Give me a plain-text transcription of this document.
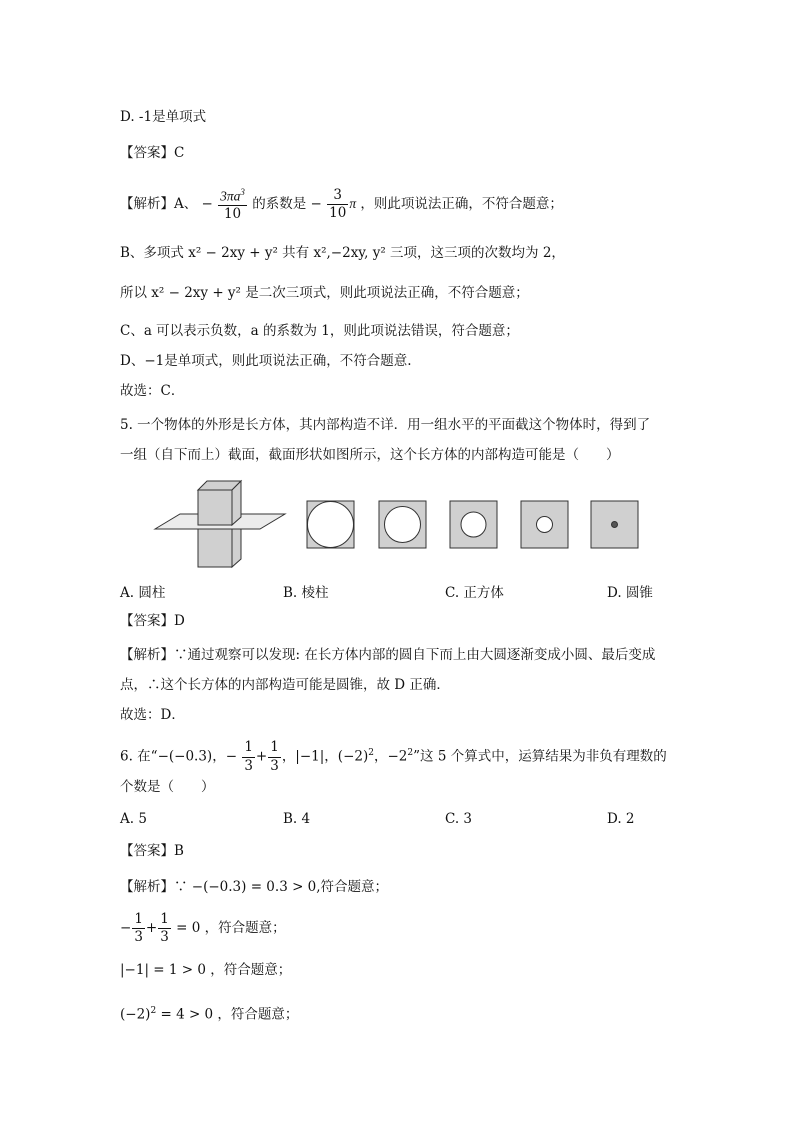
D. -1是单项式
【答案】C
【解析】A、 − $\frac{3\pi a^3}{10}$ 的系数是 − $\frac{3}{10}$ π ，则此项说法正确，不符合题意；
B、多项式 x² − 2xy + y² 共有 x²,−2xy, y² 三项，这三项的次数均为 2，
所以 x² − 2xy + y² 是二次三项式，则此项说法正确，不符合题意；
C、a 可以表示负数，a 的系数为 1，则此项说法错误，符合题意；
D、−1是单项式，则此项说法正确，不符合题意.
故选：C．
5. 一个物体的外形是长方体，其内部构造不详．用一组水平的平面截这个物体时，得到了
一组（自下而上）截面，截面形状如图所示，这个长方体的内部构造可能是（　　）
A. 圆柱	B. 棱柱	C. 正方体	D. 圆锥
【答案】D
【解析】∵通过观察可以发现: 在长方体内部的圆自下而上由大圆逐渐变成小圆、最后变成
点，∴这个长方体的内部构造可能是圆锥，故 D 正确．
故选：D．
6. 在“−(−0.3)，− $\frac{1}{3} + \frac{1}{3}$ ，|−1|，$(-2)^2$，$-2^2$”这 5 个算式中，运算结果为非负有理数的
个数是（　　）
A. 5	B. 4	C. 3	D. 2
【答案】B
【解析】∵ −(−0.3) = 0.3 > 0,符合题意；
− $\frac{1}{3} + \frac{1}{3} = 0$ ，符合题意；
|−1| = 1 > 0 ，符合题意；
$(-2)^2 = 4 > 0$ ，符合题意；
